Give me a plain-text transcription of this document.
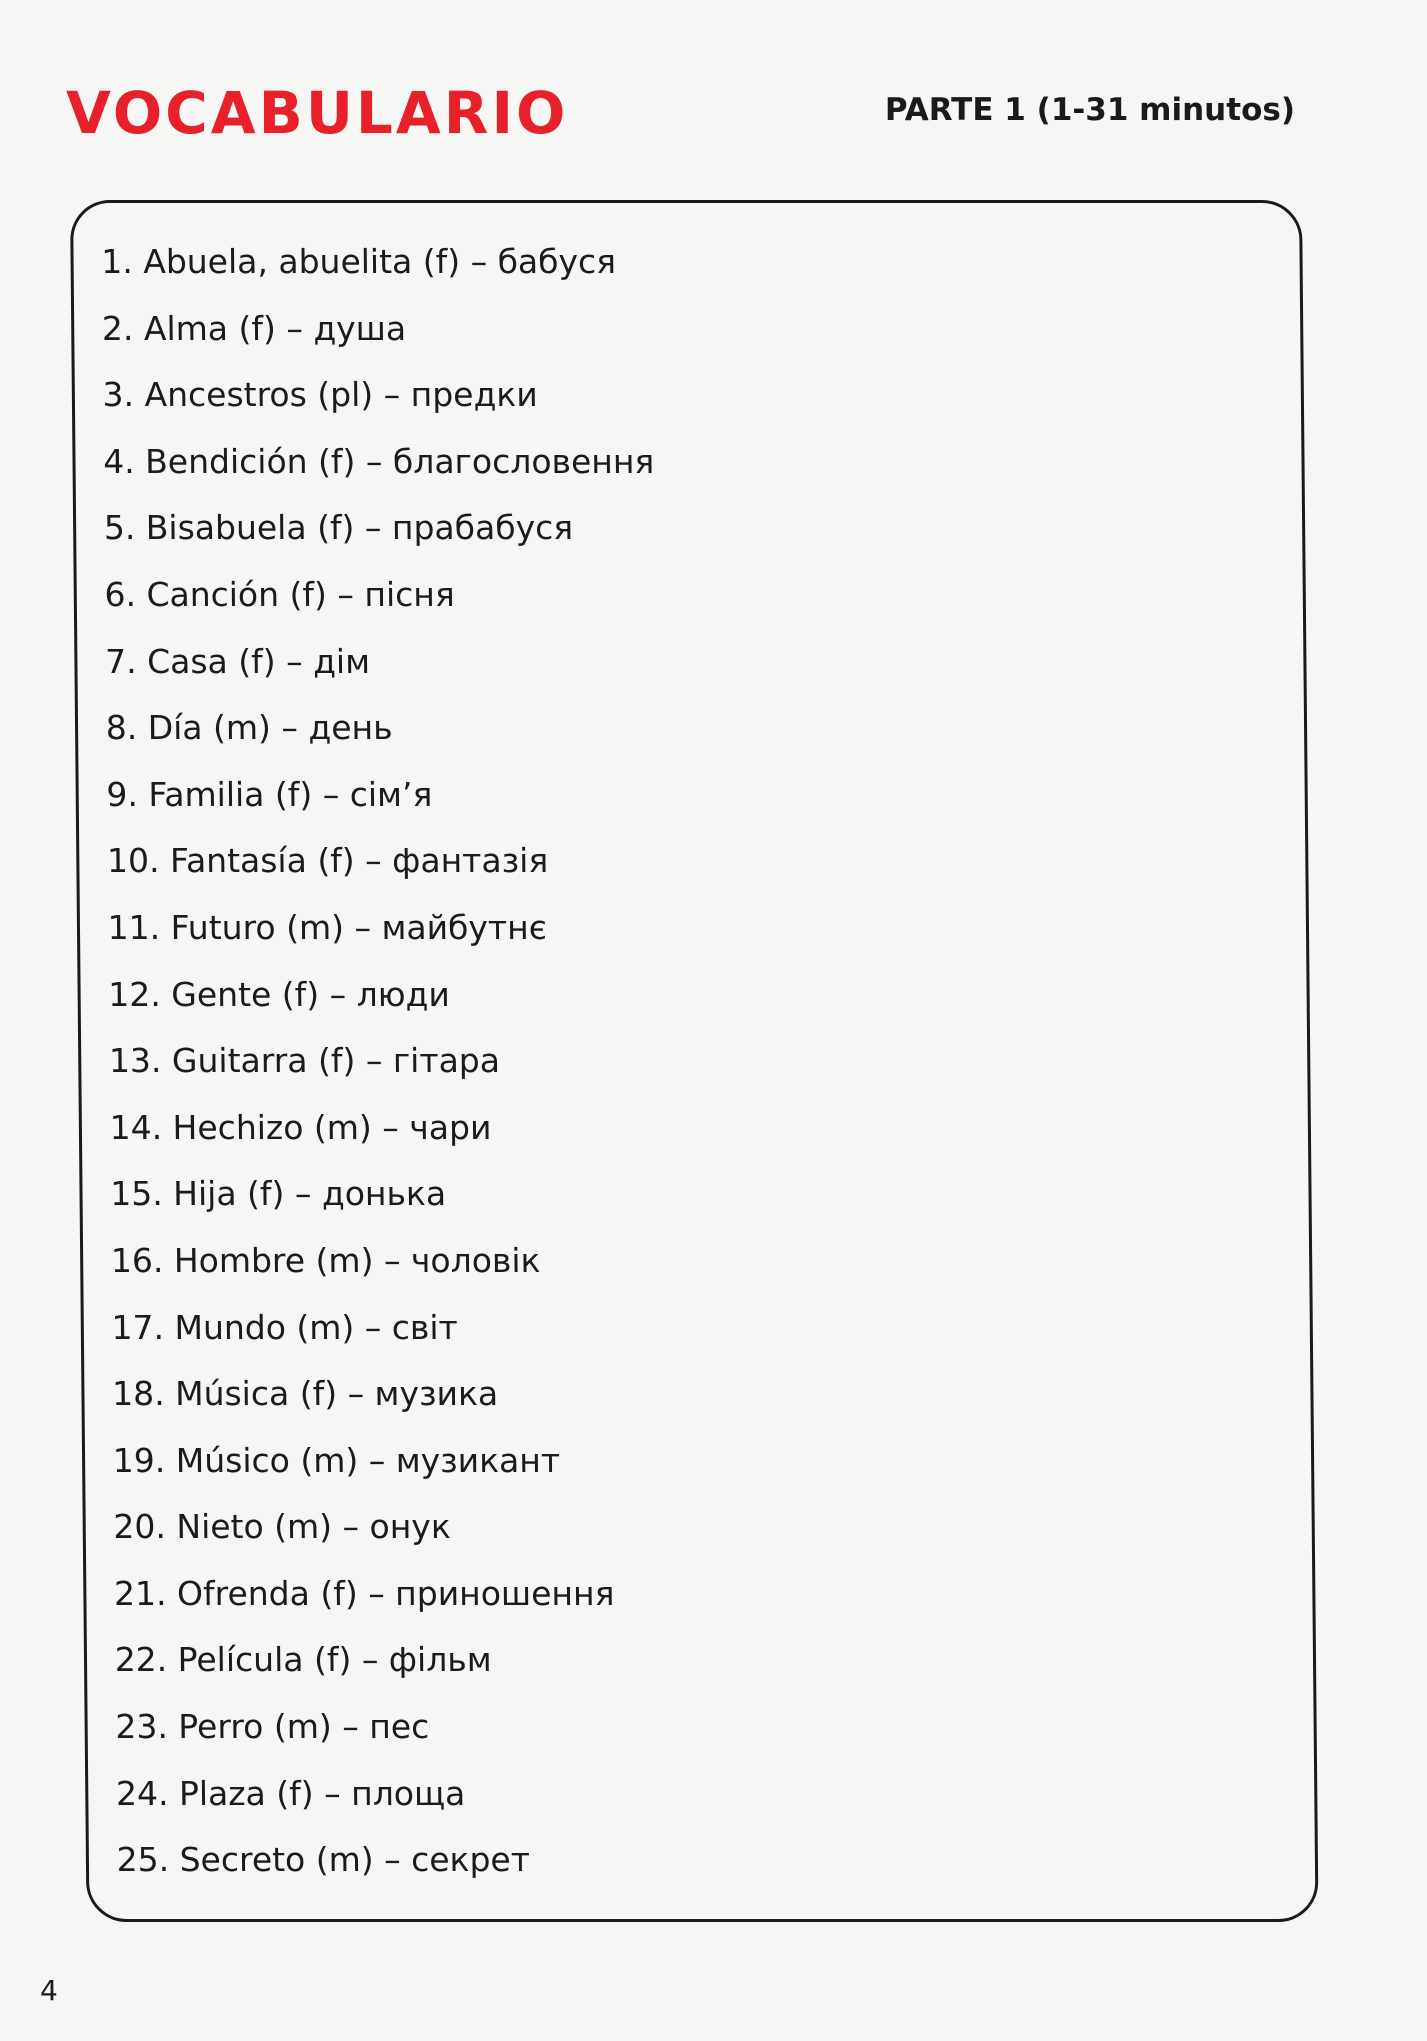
VOCABULARIO	PARTE 1 (1-31 minutos)
1. Abuela, abuelita (f) – бабуся
2. Alma (f) – душа
3. Ancestros (pl) – предки
4. Bendición (f) – благословення
5. Bisabuela (f) – прабабуся
6. Canción (f) – пісня
7. Casa (f) – дім
8. Día (m) – день
9. Familia (f) – сім’я
10. Fantasía (f) – фантазія
11. Futuro (m) – майбутнє
12. Gente (f) – люди
13. Guitarra (f) – гітара
14. Hechizo (m) – чари
15. Hija (f) – донька
16. Hombre (m) – чоловік
17. Mundo (m) – світ
18. Música (f) – музика
19. Músico (m) – музикант
20. Nieto (m) – онук
21. Ofrenda (f) – приношення
22. Película (f) – фільм
23. Perro (m) – пес
24. Plaza (f) – площа
25. Secreto (m) – секрет
4
